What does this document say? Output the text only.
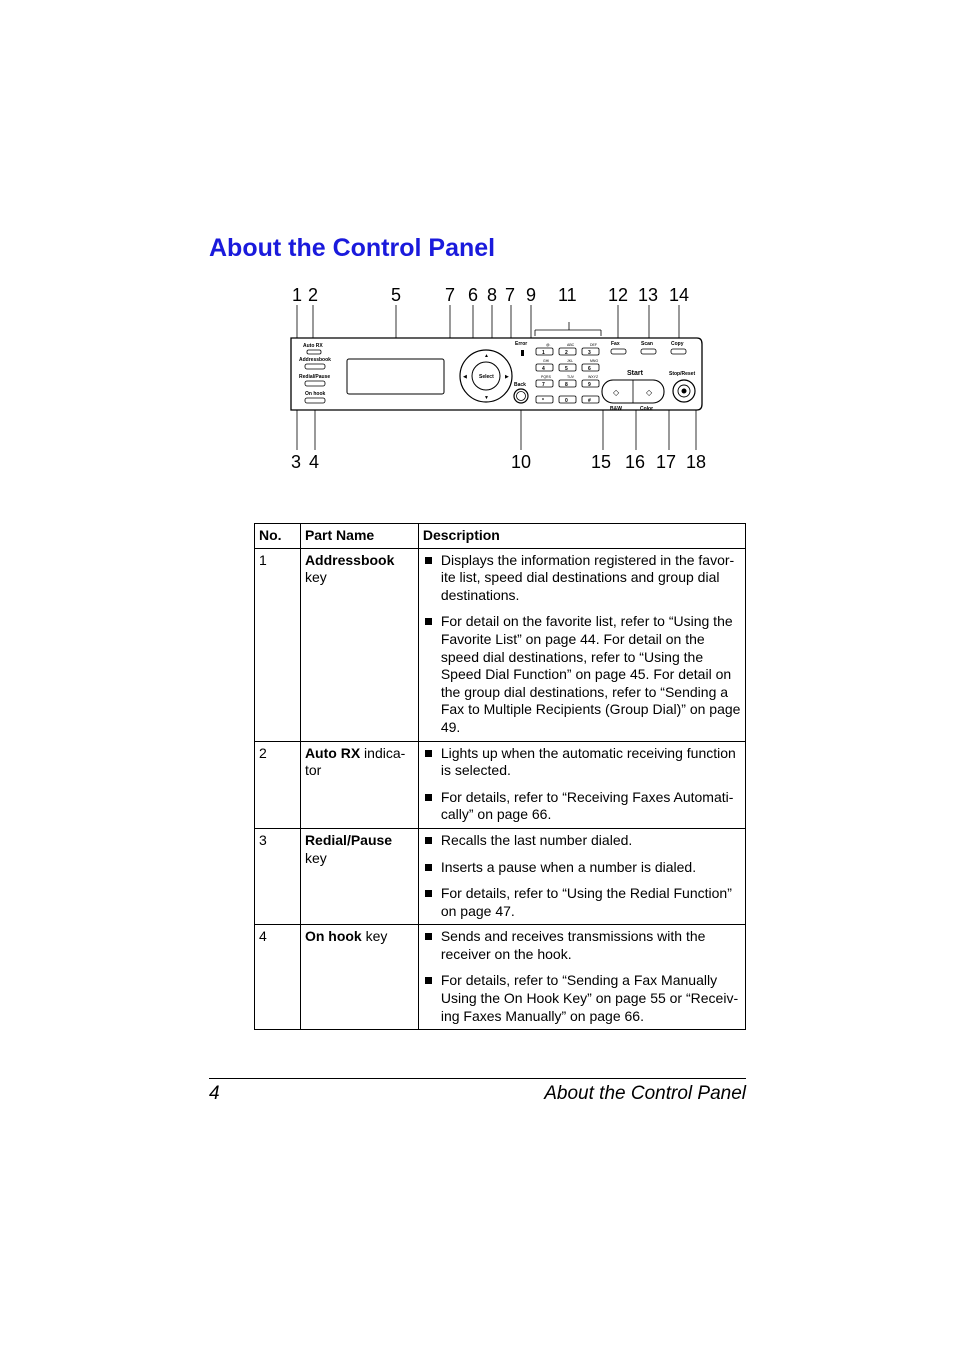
About the Control Panel
1 2	5 7 6 8 7 9 11 12 13 14
3 4	10	15 16 17 18
Auto RX
Addressbook
Redial/Pause
On hook
Select
▲
▼
◀	▶
Back
Error
1	2	3
4	5	6
7	8	9
*	0	#
@.	ABC	DEF
GHI	JKL	MNO
PQRS	TUV	WXYZ
Fax	Scan	Copy
Start
◇	◇
B&W	Color
Stop/Reset
No.	Part Name	Description
1	Addressbook key	Displays the information registered in the favor-ite list, speed dial destinations and group dial destinations.
For detail on the favorite list, refer to “Using the Favorite List” on page 44. For detail on the speed dial destinations, refer to “Using the Speed Dial Function” on page 45. For detail on the group dial destinations, refer to “Sending a Fax to Multiple Recipients (Group Dial)” on page 49.

2	Auto RX indica-tor	Lights up when the automatic receiving function is selected.
For details, refer to “Receiving Faxes Automati-cally” on page 66.

3	Redial/Pause key	Recalls the last number dialed.
Inserts a pause when a number is dialed.
For details, refer to “Using the Redial Function” on page 47.

4	On hook key	Sends and receives transmissions with the receiver on the hook.
For details, refer to “Sending a Fax Manually Using the On Hook Key” on page 55 or “Receiv-ing Faxes Manually” on page 66.
4	About the Control Panel
